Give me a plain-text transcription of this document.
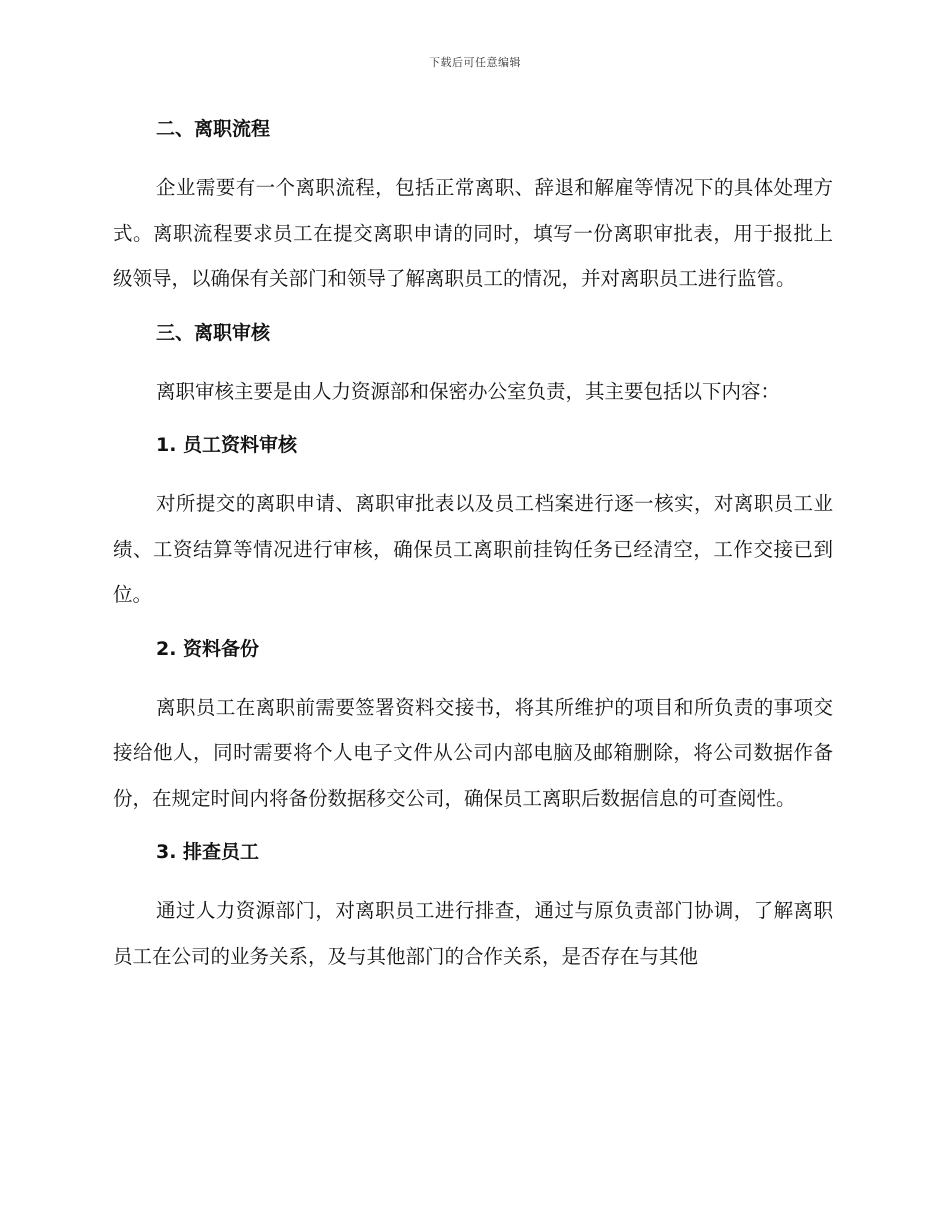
下载后可任意编辑
二、离职流程

企业需要有一个离职流程，包括正常离职、辞退和解雇等情况下的具体处理方式。离职流程要求员工在提交离职申请的同时，填写一份离职审批表，用于报批上级领导，以确保有关部门和领导了解离职员工的情况，并对离职员工进行监管。

三、离职审核

离职审核主要是由人力资源部和保密办公室负责，其主要包括以下内容：

1. 员工资料审核

对所提交的离职申请、离职审批表以及员工档案进行逐一核实，对离职员工业绩、工资结算等情况进行审核，确保员工离职前挂钩任务已经清空，工作交接已到位。

2. 资料备份

离职员工在离职前需要签署资料交接书，将其所维护的项目和所负责的事项交接给他人，同时需要将个人电子文件从公司内部电脑及邮箱删除，将公司数据作备份，在规定时间内将备份数据移交公司，确保员工离职后数据信息的可查阅性。

3. 排查员工

通过人力资源部门，对离职员工进行排查，通过与原负责部门协调，了解离职员工在公司的业务关系，及与其他部门的合作关系，是否存在与其他
